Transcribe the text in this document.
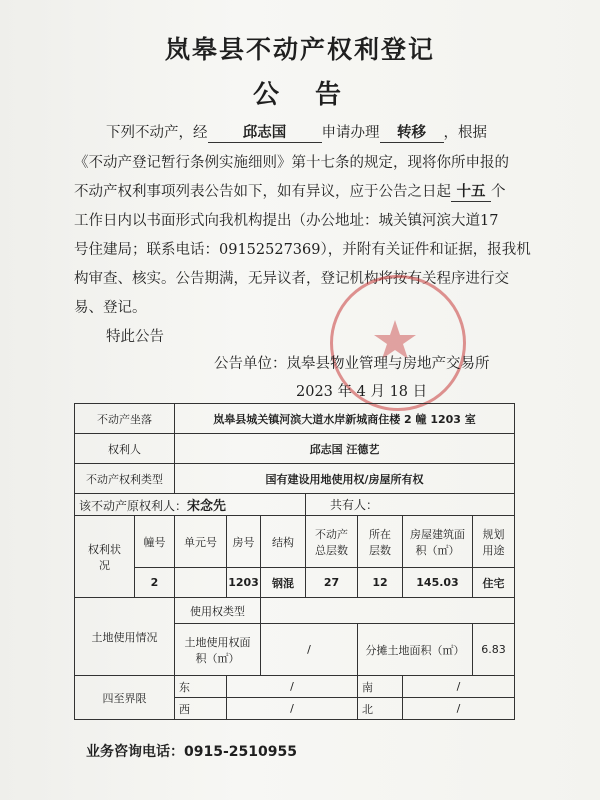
岚皋县不动产权利登记
公告
下列不动产，经 邱志国 申请办理 转移 ，根据
《不动产登记暂行条例实施细则》第十七条的规定，现将你所申报的
不动产权利事项列表公告如下，如有异议，应于公告之日起 十五 个
工作日内以书面形式向我机构提出（办公地址：城关镇河滨大道17
号住建局；联系电话：09152527369），并附有关证件和证据，报我机
构审查、核实。公告期满，无异议者，登记机构将按有关程序进行交
易、登记。
特此公告
公告单位：岚皋县物业管理与房地产交易所
2023 年 4 月 18 日
不动产坐落		岚皋县城关镇河滨大道水岸新城商住楼 2 幢 1203 室						
权利人		邱志国 汪德艺						
不动产权利类型		国有建设用地使用权/房屋所有权						
该不动产原权利人：宋念先					共有人：			
权利状况	幢号	单元号	房号	结构	不动产总层数	所在层数	房屋建筑面积（㎡）	规划用途
	2		1203	钢混	27	12	145.03	住宅
土地使用情况		使用权类型						
		土地使用权面积（㎡）		/		分摊土地面积（㎡）		6.83
四至界限		东	/			南	/	
		西	/			北	/	
业务咨询电话：0915-2510955
